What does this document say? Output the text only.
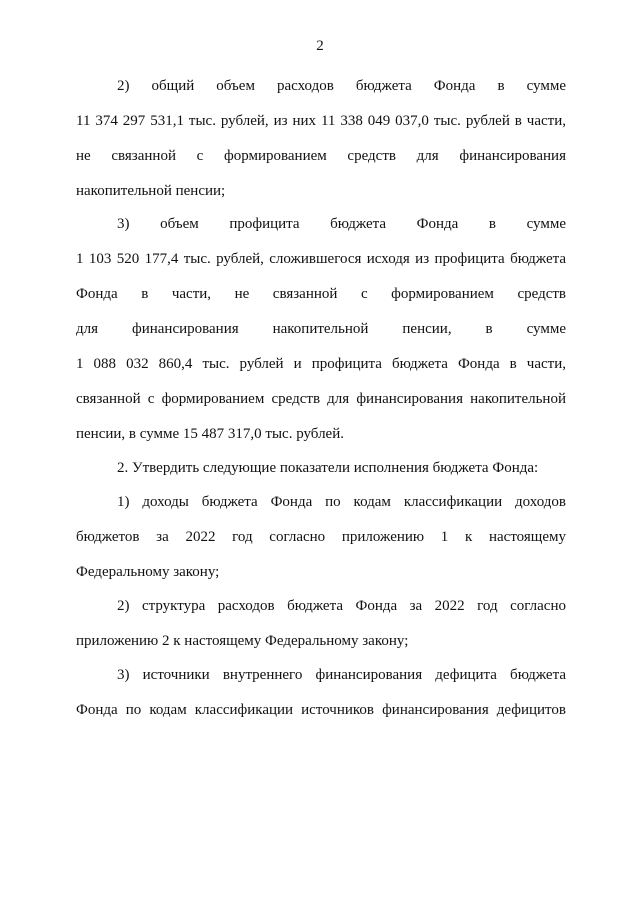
2
2) общий объем расходов бюджета Фонда в сумме
11 374 297 531,1 тыс. рублей, из них 11 338 049 037,0 тыс. рублей в части,
не связанной с формированием средств для финансирования
накопительной пенсии;
3) объем профицита бюджета Фонда в сумме
1 103 520 177,4 тыс. рублей, сложившегося исходя из профицита бюджета
Фонда в части, не связанной с формированием средств
для финансирования накопительной пенсии, в сумме
1 088 032 860,4 тыс. рублей и профицита бюджета Фонда в части,
связанной с формированием средств для финансирования накопительной
пенсии, в сумме 15 487 317,0 тыс. рублей.
2. Утвердить следующие показатели исполнения бюджета Фонда:
1) доходы бюджета Фонда по кодам классификации доходов
бюджетов за 2022 год согласно приложению 1 к настоящему
Федеральному закону;
2) структура расходов бюджета Фонда за 2022 год согласно
приложению 2 к настоящему Федеральному закону;
3) источники внутреннего финансирования дефицита бюджета
Фонда по кодам классификации источников финансирования дефицитов
